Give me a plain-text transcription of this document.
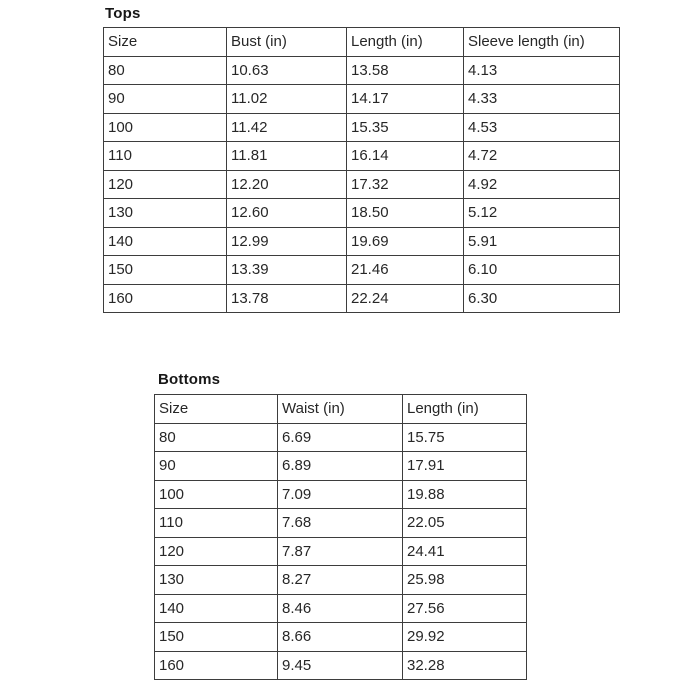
Tops
Size	Bust (in)	Length (in)	Sleeve length (in)
80	10.63	13.58	4.13
90	11.02	14.17	4.33
100	11.42	15.35	4.53
110	11.81	16.14	4.72
120	12.20	17.32	4.92
130	12.60	18.50	5.12
140	12.99	19.69	5.91
150	13.39	21.46	6.10
160	13.78	22.24	6.30
Bottoms
Size	Waist (in)	Length (in)
80	6.69	15.75
90	6.89	17.91
100	7.09	19.88
110	7.68	22.05
120	7.87	24.41
130	8.27	25.98
140	8.46	27.56
150	8.66	29.92
160	9.45	32.28
